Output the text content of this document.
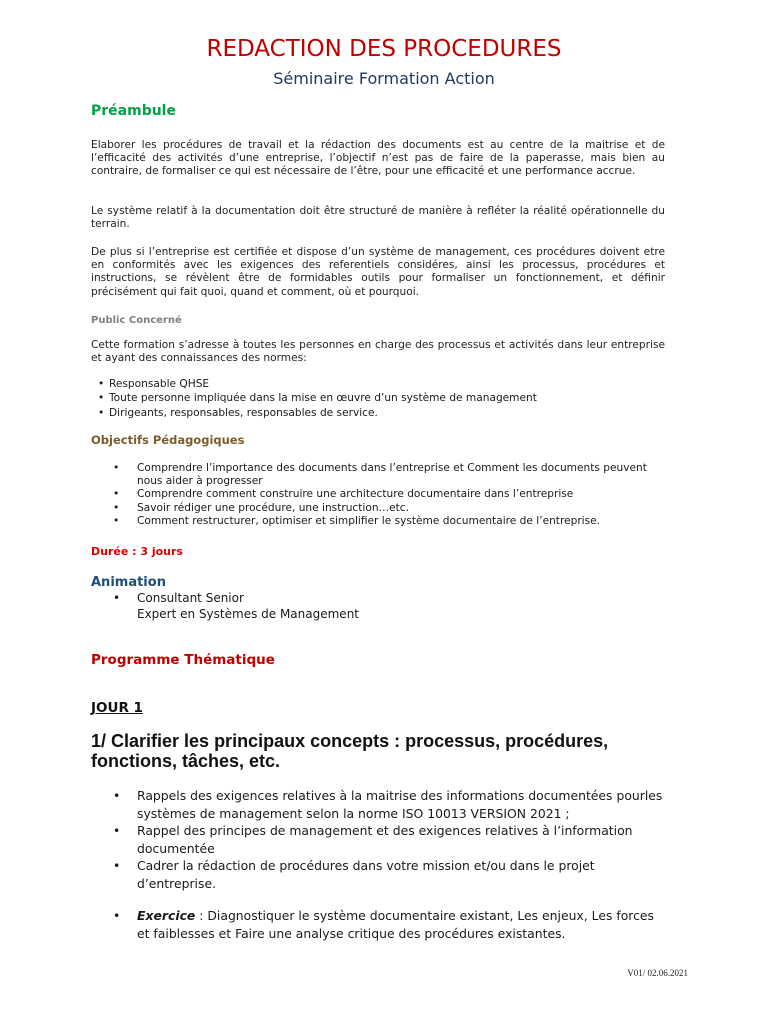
REDACTION DES PROCEDURES
Séminaire Formation Action
Préambule
Elaborer les procédures de travail et la rédaction des documents est au centre de la maitrise et de l’efficacité des activités d’une entreprise, l’objectif n’est pas de faire de la paperasse, mais bien au contraire, de formaliser ce qui est nécessaire de l’être, pour une efficacité et une performance accrue.
Le système relatif à la documentation doit être structuré de manière à refléter la réalité opérationnelle du terrain.
De plus si l’entreprise est certifiée et dispose d’un système de management, ces procédures doivent etre en conformités avec les exigences des referentiels considéres, ainsi les processus, procédures et instructions, se révèlent être de formidables outils pour formaliser un fonctionnement, et définir précisément qui fait quoi, quand et comment, où et pourquoi.
Public Concerné
Cette formation s’adresse à toutes les personnes en charge des processus et activités dans leur entreprise et ayant des connaissances des normes:
• Responsable QHSE
• Toute personne impliquée dans la mise en œuvre d’un système de management
• Dirigeants, responsables, responsables de service.
Objectifs Pédagogiques
• Comprendre l’importance des documents dans l’entreprise et Comment les documents peuvent nous aider à progresser
• Comprendre comment construire une architecture documentaire dans l’entreprise
• Savoir rédiger une procédure, une instruction…etc.
• Comment restructurer, optimiser et simplifier le système documentaire de l’entreprise.
Durée : 3 jours
Animation
• Consultant Senior
Expert en Systèmes de Management
Programme Thématique
JOUR 1
1/ Clarifier les principaux concepts : processus, procédures, fonctions, tâches, etc.
• Rappels des exigences relatives à la maitrise des informations documentées pourles systèmes de management selon la norme ISO 10013 VERSION 2021 ;
• Rappel des principes de management et des exigences relatives à l’information documentée
• Cadrer la rédaction de procédures dans votre mission et/ou dans le projet d’entreprise.
• Exercice : Diagnostiquer le système documentaire existant, Les enjeux, Les forces et faiblesses et Faire une analyse critique des procédures existantes.
V01/ 02.06.2021
